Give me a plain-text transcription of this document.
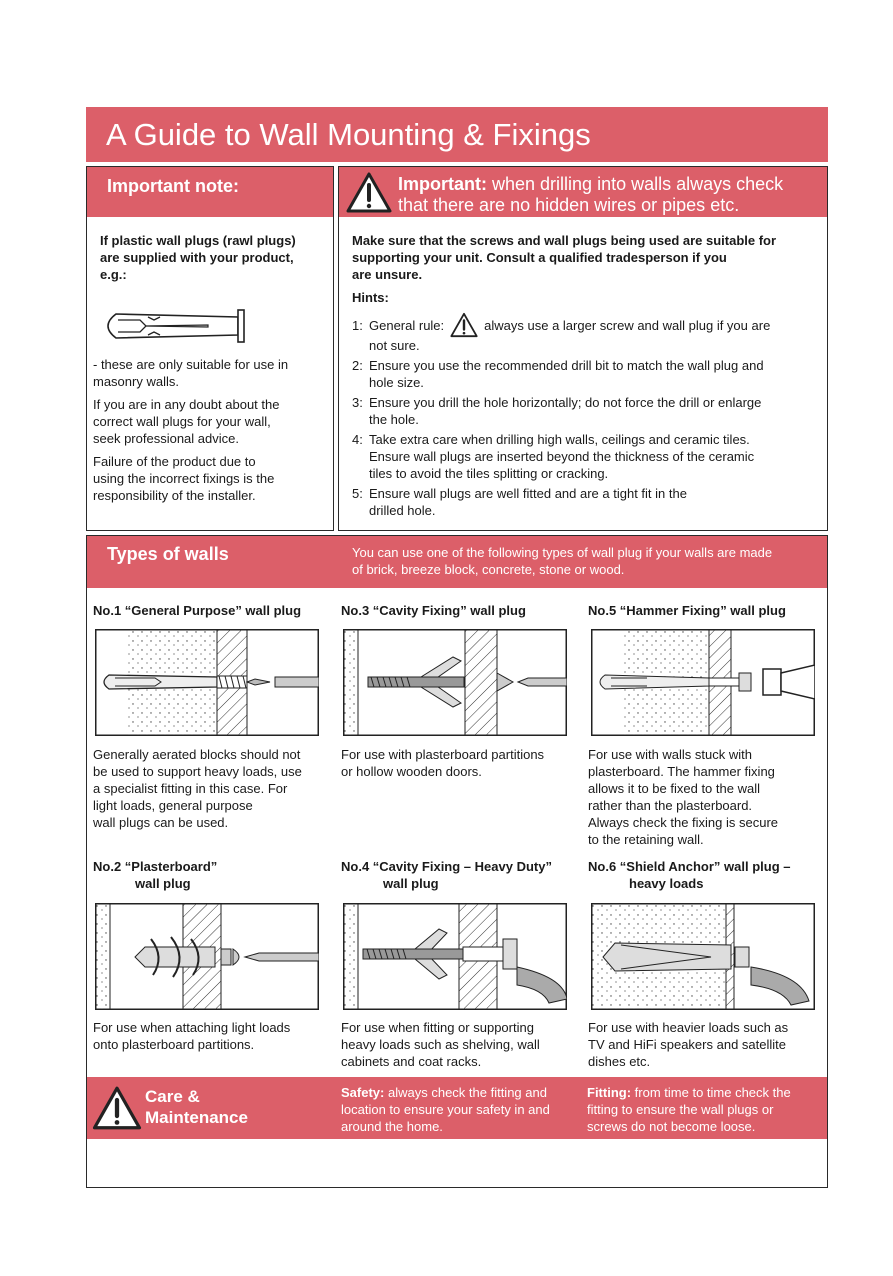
A Guide to Wall Mounting & Fixings
Important note:

If plastic wall plugs (rawl plugs)

are supplied with your product,

e.g.:

- these are only suitable for use in

masonry walls.

If you are in any doubt about the

correct wall plugs for your wall,

seek professional advice.

Failure of the product due to

using the incorrect fixings is the

responsibility of the installer.

Important: when drilling into walls always check
that there are no hidden wires or pipes etc.

Make sure that the screws and wall plugs being used are suitable for

supporting your unit. Consult a qualified tradesperson if you

are unsure.

Hints:
1: General rule:	always use a larger screw and wall plug if you are
not sure.
2: Ensure you use the recommended drill bit to match the wall plug and
hole size.
3: Ensure you drill the hole horizontally; do not force the drill or enlarge
the hole.
4: Take extra care when drilling high walls, ceilings and ceramic tiles.
Ensure wall plugs are inserted beyond the thickness of the ceramic
tiles to avoid the tiles splitting or cracking.
5: Ensure wall plugs are well fitted and are a tight fit in the
drilled hole.
Types of walls	You can use one of the following types of wall plug if your walls are made

of brick, breeze block, concrete, stone or wood.

No.1 “General Purpose” wall plug	No.3 “Cavity Fixing” wall plug	No.5 “Hammer Fixing” wall plug

Generally aerated blocks should not

be used to support heavy loads, use

a specialist fitting in this case. For

light loads, general purpose

wall plugs can be used.

For use with plasterboard partitions

or hollow wooden doors.

For use with walls stuck with

plasterboard. The hammer fixing

allows it to be fixed to the wall

rather than the plasterboard.

Always check the fixing is secure

to the retaining wall.

No.2 “Plasterboard”

wall plug

No.4 “Cavity Fixing – Heavy Duty”

wall plug

No.6 “Shield Anchor” wall plug –

heavy loads

For use when attaching light loads

onto plasterboard partitions.

For use when fitting or supporting

heavy loads such as shelving, wall

cabinets and coat racks.

For use with heavier loads such as

TV and HiFi speakers and satellite

dishes etc.

Care &

Maintenance

Safety: always check the fitting and

location to ensure your safety in and

around the home.

Fitting: from time to time check the

fitting to ensure the wall plugs or

screws do not become loose.
